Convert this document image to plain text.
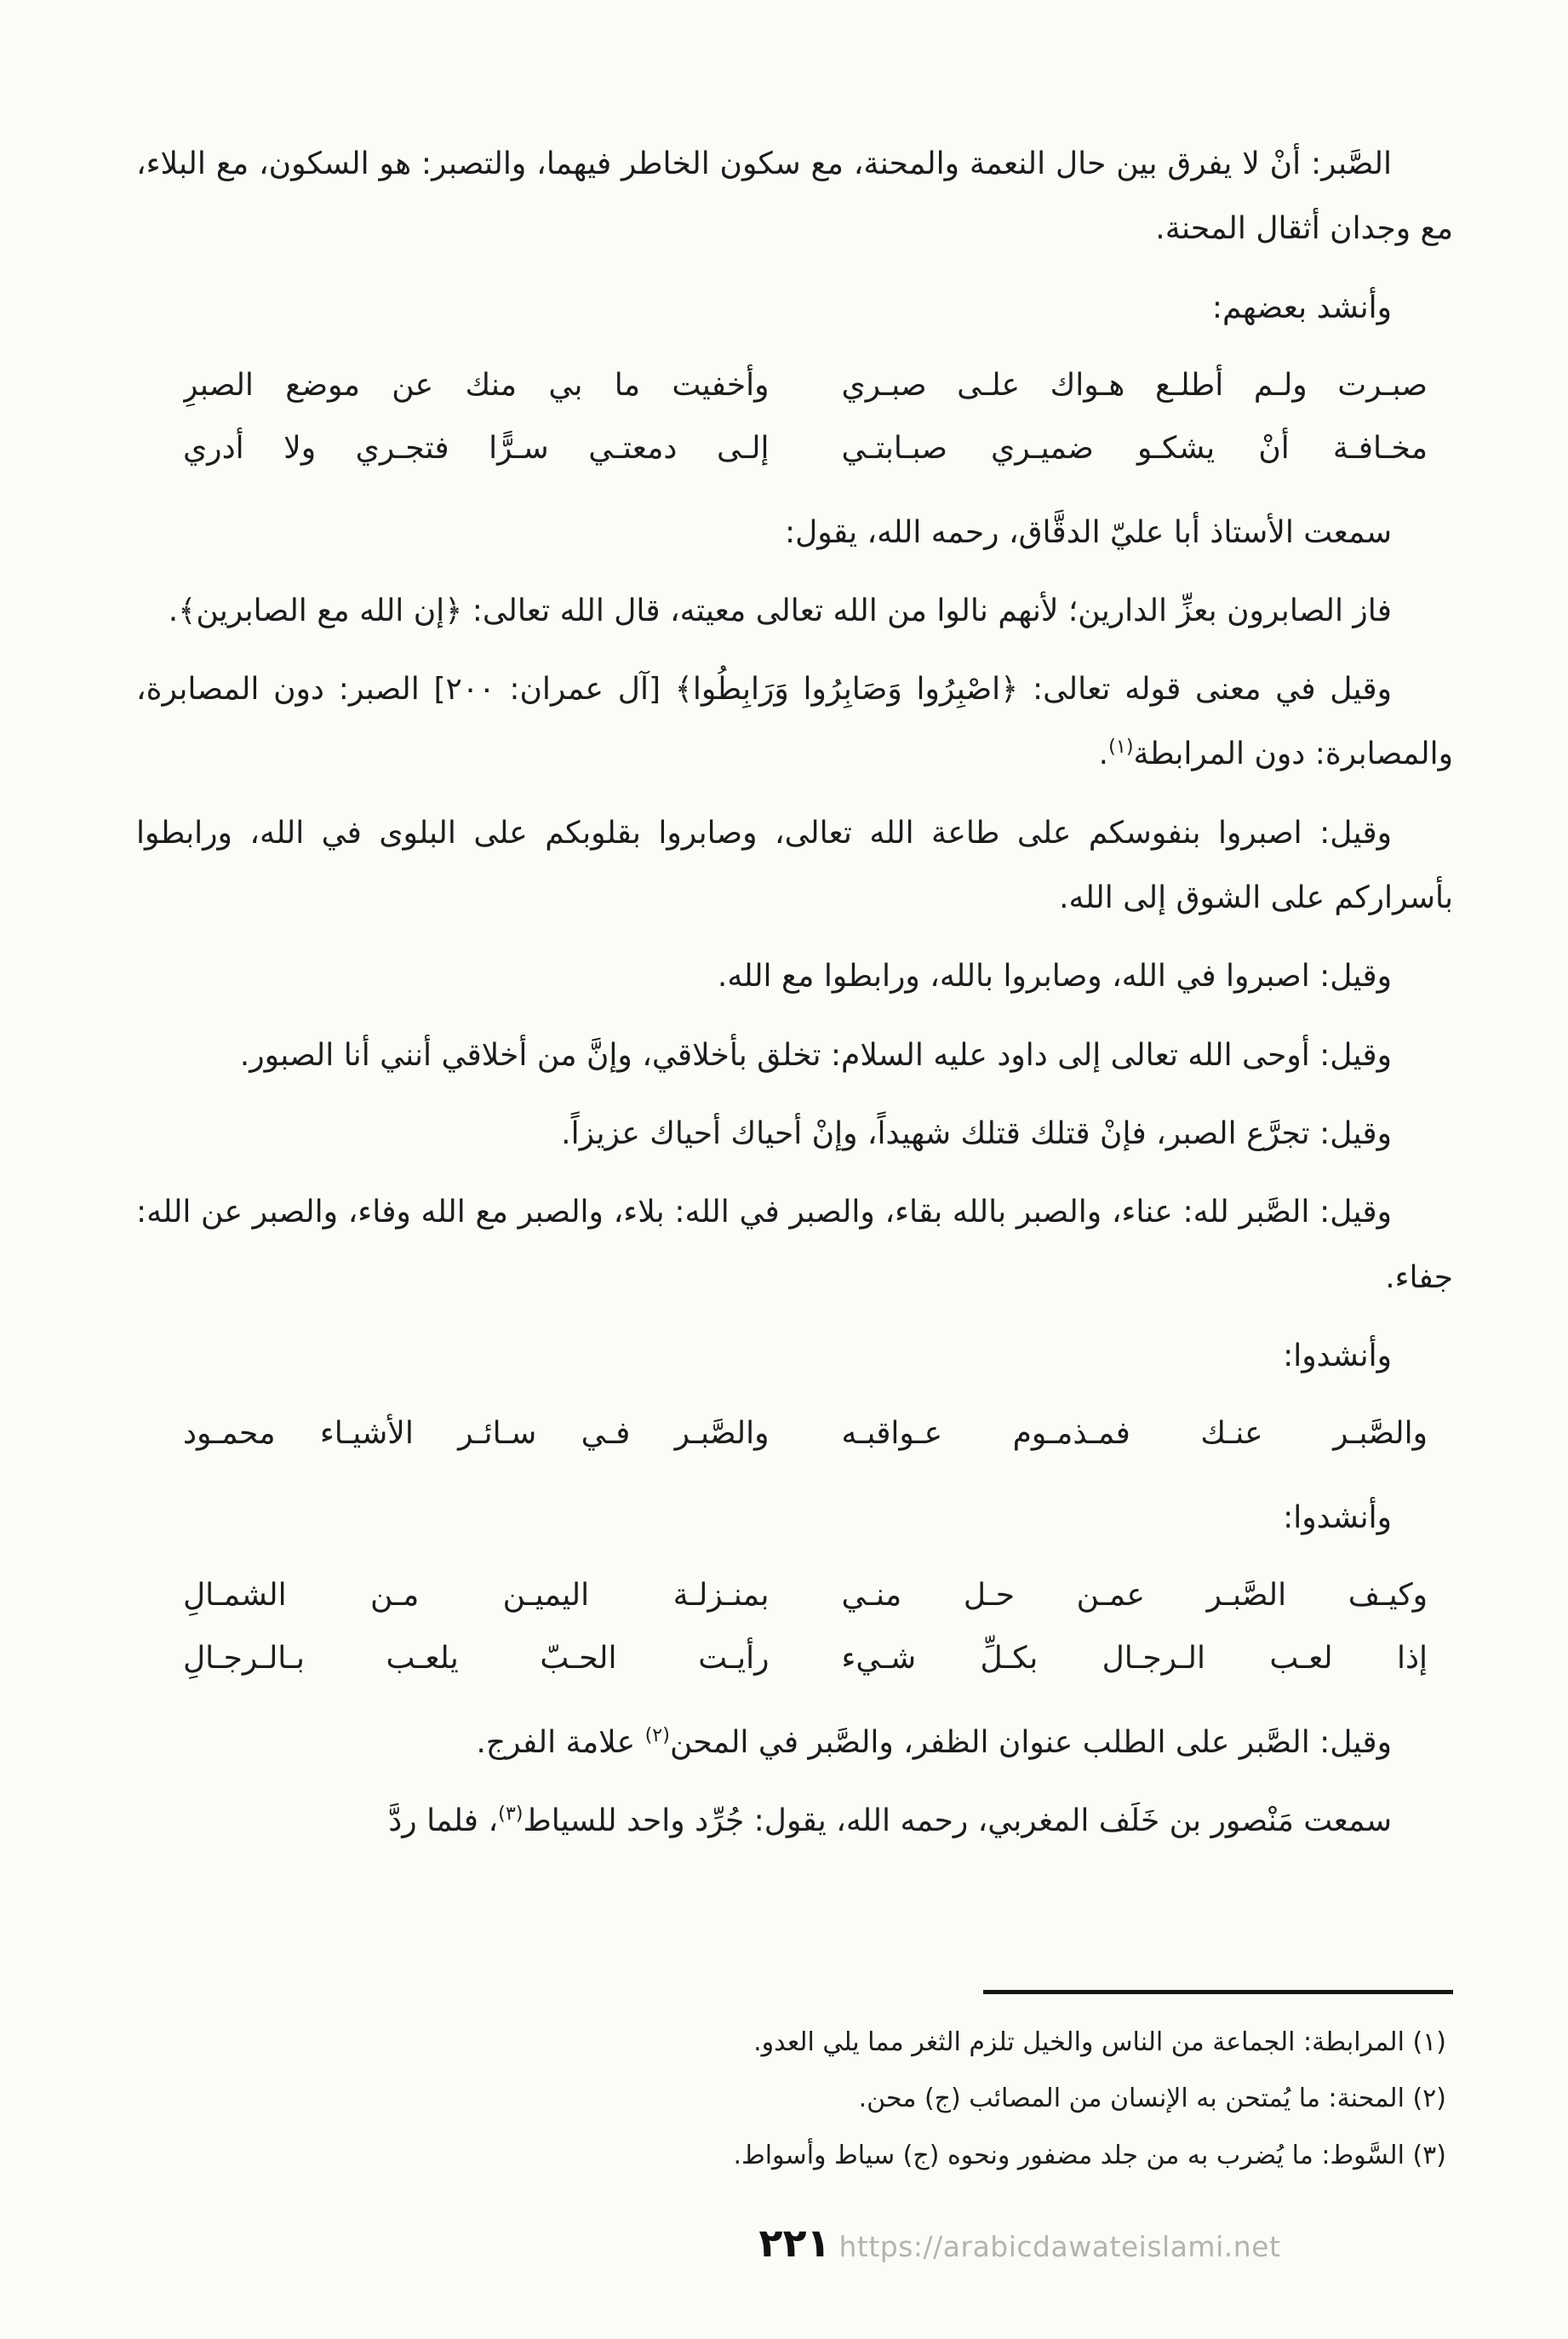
الصَّبر: أنْ لا يفرق بين حال النعمة والمحنة، مع سكون الخاطر فيهما، والتصبر: هو السكون، مع البلاء، مع وجدان أثقال المحنة.

وأنشد بعضهم:

صبـرت ولـم أطلـع هـواك علـى صبـري
وأخفيت ما بي منك عن موضع الصبرِ
مخـافـة أنْ يشكـو ضميـري صبـابتـي
إلـى دمعتـي سـرًّا فتجـري ولا أدري

سمعت الأستاذ أبا عليّ الدقَّاق، رحمه الله، يقول:

فاز الصابرون بعزِّ الدارين؛ لأنهم نالوا من الله تعالى معيته، قال الله تعالى: ﴿إن الله مع الصابرين﴾.

وقيل في معنى قوله تعالى: ﴿اصْبِرُوا وَصَابِرُوا وَرَابِطُوا﴾ [آل عمران: ٢٠٠] الصبر: دون المصابرة، والمصابرة: دون المرابطة$^{(١)}$.

وقيل: اصبروا بنفوسكم على طاعة الله تعالى، وصابروا بقلوبكم على البلوى في الله، ورابطوا بأسراركم على الشوق إلى الله.

وقيل: اصبروا في الله، وصابروا بالله، ورابطوا مع الله.

وقيل: أوحى الله تعالى إلى داود عليه السلام: تخلق بأخلاقي، وإنَّ من أخلاقي أنني أنا الصبور.

وقيل: تجرَّع الصبر، فإنْ قتلك قتلك شهيداً، وإنْ أحياك أحياك عزيزاً.

وقيل: الصَّبر لله: عناء، والصبر بالله بقاء، والصبر في الله: بلاء، والصبر مع الله وفاء، والصبر عن الله: جفاء.

وأنشدوا:

والصَّبـر عنـك فمـذمـوم عـواقبـه
والصَّبـر فـي سـائـر الأشيـاء محمـود

وأنشدوا:

وكيـف الصَّبـر عمـن حـل منـي
بمنـزلـة اليميـن مـن الشمـالِ
إذا لعـب الـرجـال بكـلِّ شـيء
رأيـت الحـبّ يلعـب بـالـرجـالِ

وقيل: الصَّبر على الطلب عنوان الظفر، والصَّبر في المحن$^{(٢)}$ علامة الفرج.

سمعت مَنْصور بن خَلَف المغربي، رحمه الله، يقول: جُرِّد واحد للسياط$^{(٣)}$، فلما ردَّ

(١) المرابطة: الجماعة من الناس والخيل تلزم الثغر مما يلي العدو.

(٢) المحنة: ما يُمتحن به الإنسان من المصائب (ج) محن.

(٣) السَّوط: ما يُضرب به من جلد مضفور ونحوه (ج) سياط وأسواط.

٢٢١ https://arabicdawateislami.net
